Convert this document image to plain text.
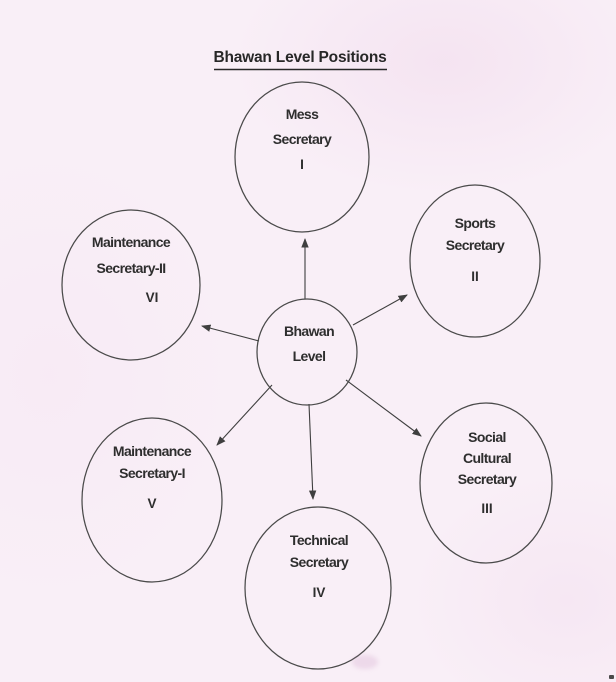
Bhawan Level Positions
Bhawan
Level
Mess
Secretary
I
Sports
Secretary
II
Social
Cultural
Secretary
III
Technical
Secretary
IV
Maintenance
Secretary-I
V
Maintenance
Secretary-II
VI
